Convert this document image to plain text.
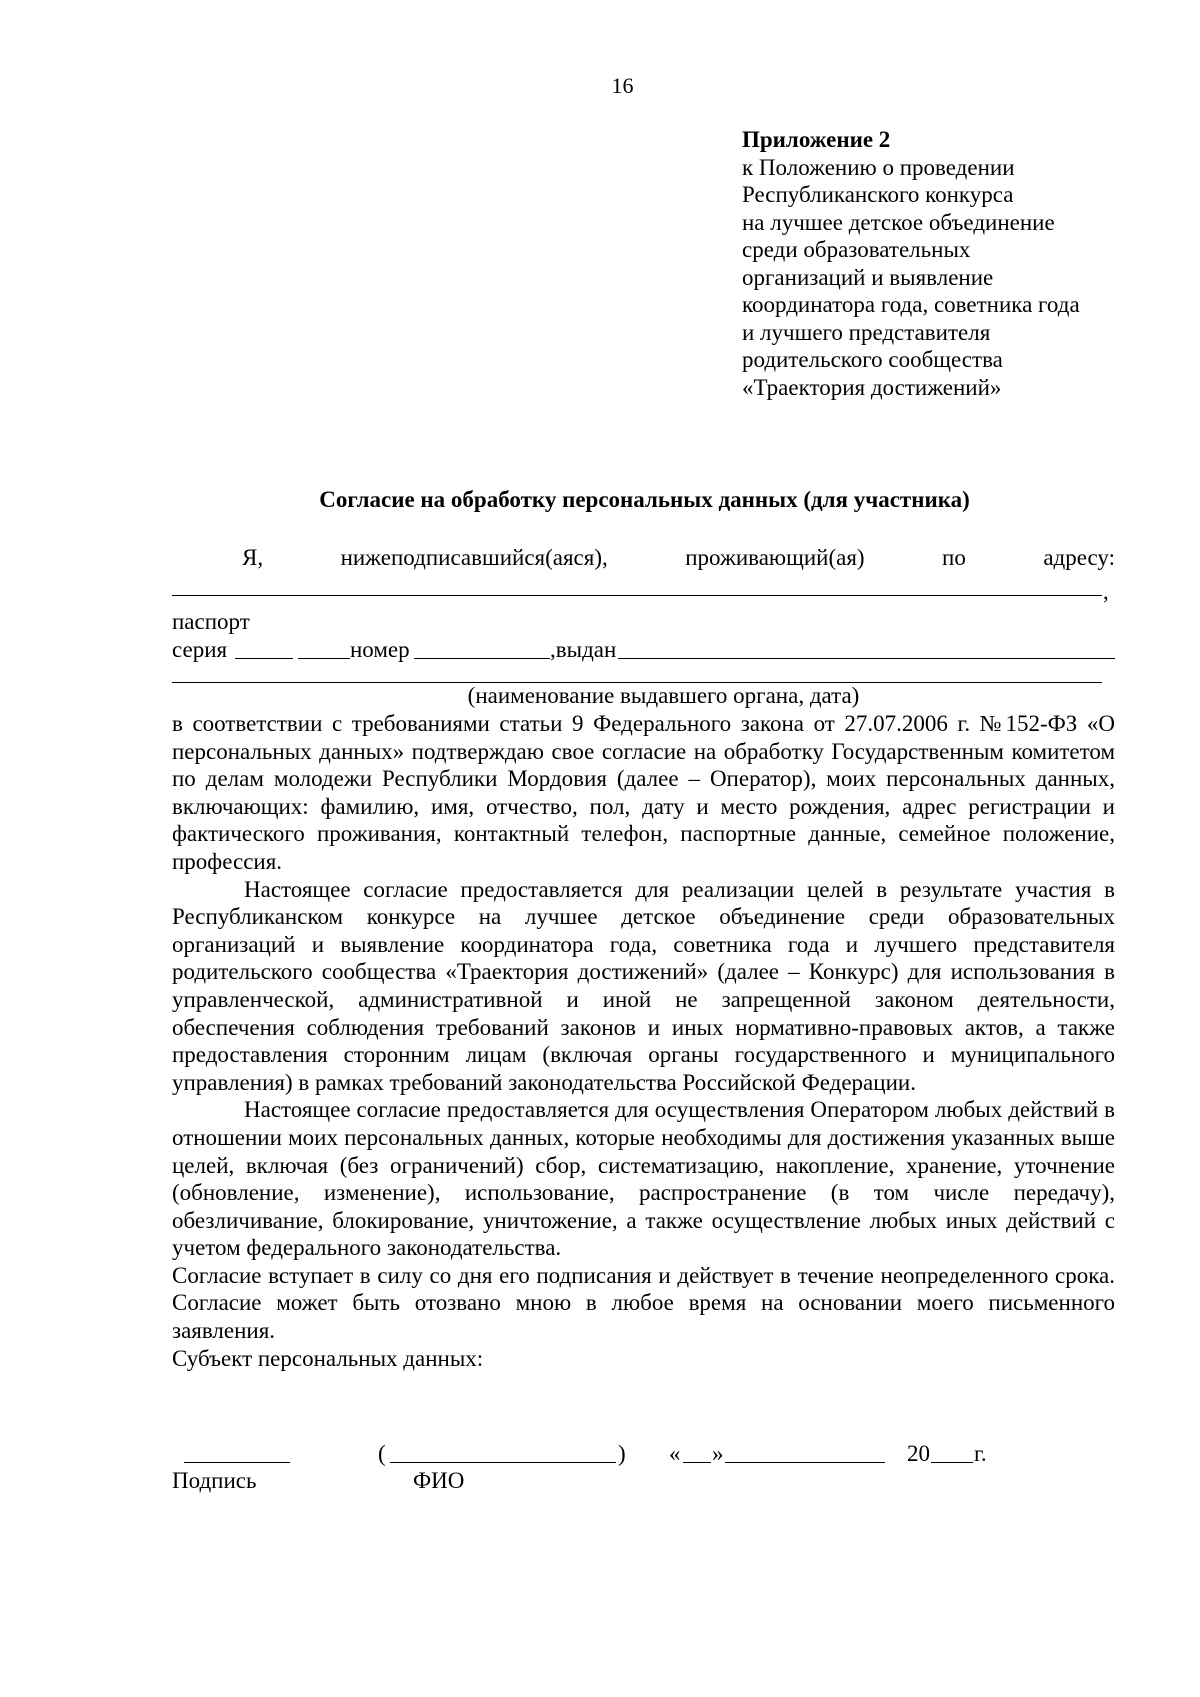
16
Приложение 2
к Положению о проведении
Республиканского конкурса
на лучшее детское объединение
среди образовательных
организаций и выявление
координатора года, советника года
и лучшего представителя
родительского сообщества
«Траектория достижений»
Согласие на обработку персональных данных (для участника)
Я,	нижеподписавшийся(аяся),	проживающий(ая)	по	адресу:
,
паспорт
серия	номер	,выдан
(наименование выдавшего органа, дата)

в соответствии с требованиями статьи 9 Федерального закона от 27.07.2006 г. №152-ФЗ «О персональных данных» подтверждаю свое согласие на обработку Государственным комитетом по делам молодежи Республики Мордовия (далее – Оператор), моих персональных данных, включающих: фамилию, имя, отчество, пол, дату и место рождения, адрес регистрации и фактического проживания, контактный телефон, паспортные данные, семейное положение, профессия.

Настоящее согласие предоставляется для реализации целей в результате участия в Республиканском конкурсе на лучшее детское объединение среди образовательных организаций и выявление координатора года, советника года и лучшего представителя родительского сообщества «Траектория достижений» (далее – Конкурс) для использования в управленческой, административной и иной не запрещенной законом деятельности, обеспечения соблюдения требований законов и иных нормативно-правовых актов, а также предоставления сторонним лицам (включая органы государственного и муниципального управления) в рамках требований законодательства Российской Федерации.

Настоящее согласие предоставляется для осуществления Оператором любых действий в отношении моих персональных данных, которые необходимы для достижения указанных выше целей, включая (без ограничений) сбор, систематизацию, накопление, хранение, уточнение (обновление, изменение), использование, распространение (в том числе передачу), обезличивание, блокирование, уничтожение, а также осуществление любых иных действий с учетом федерального законодательства.

Согласие вступает в силу со дня его подписания и действует в течение неопределенного срока. Согласие может быть отозвано мною в любое время на основании моего письменного заявления.

Субъект персональных данных:

(	) « »	20 г.
Подпись	ФИО
